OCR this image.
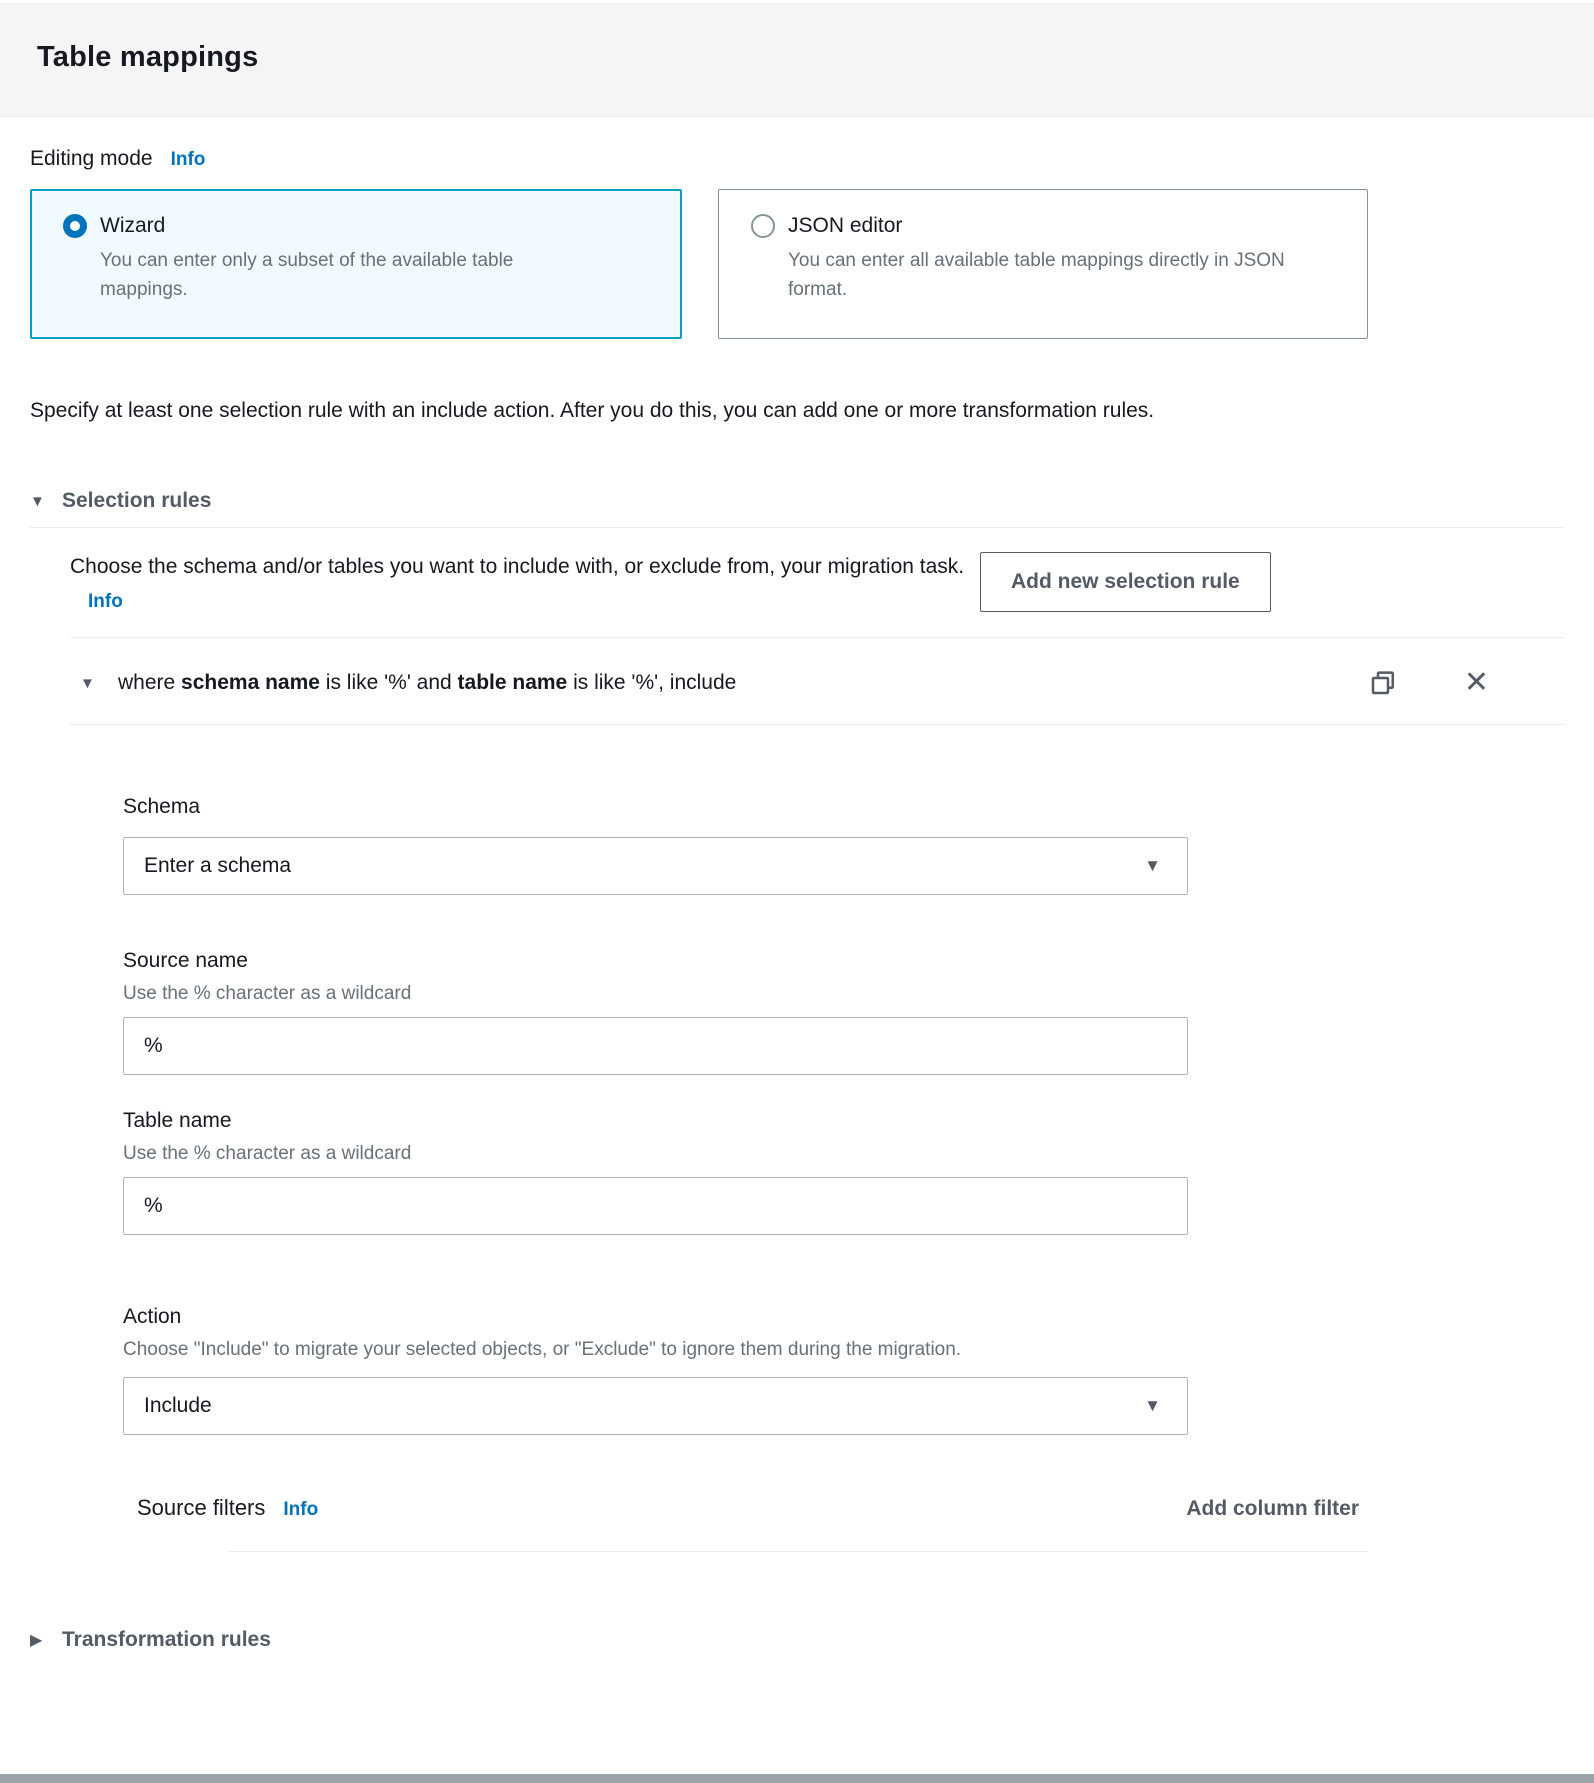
Table mappings
Editing mode Info
Wizard
You can enter only a subset of the available table mappings.
JSON editor
You can enter all available table mappings directly in JSON format.

Specify at least one selection rule with an include action. After you do this, you can add one or more transformation rules.

▼ Selection rules
Choose the schema and/or tables you want to include with, or exclude from, your migration task. Info
Add new selection rule
▼	where schema name is like '%' and table name is like '%', include	✕
Schema
Enter a schema	▼
Source name
Use the % character as a wildcard
%
Table name
Use the % character as a wildcard
%
Action
Choose "Include" to migrate your selected objects, or "Exclude" to ignore them during the migration.
Include	▼
Source filters Info	Add column filter
▶ Transformation rules
